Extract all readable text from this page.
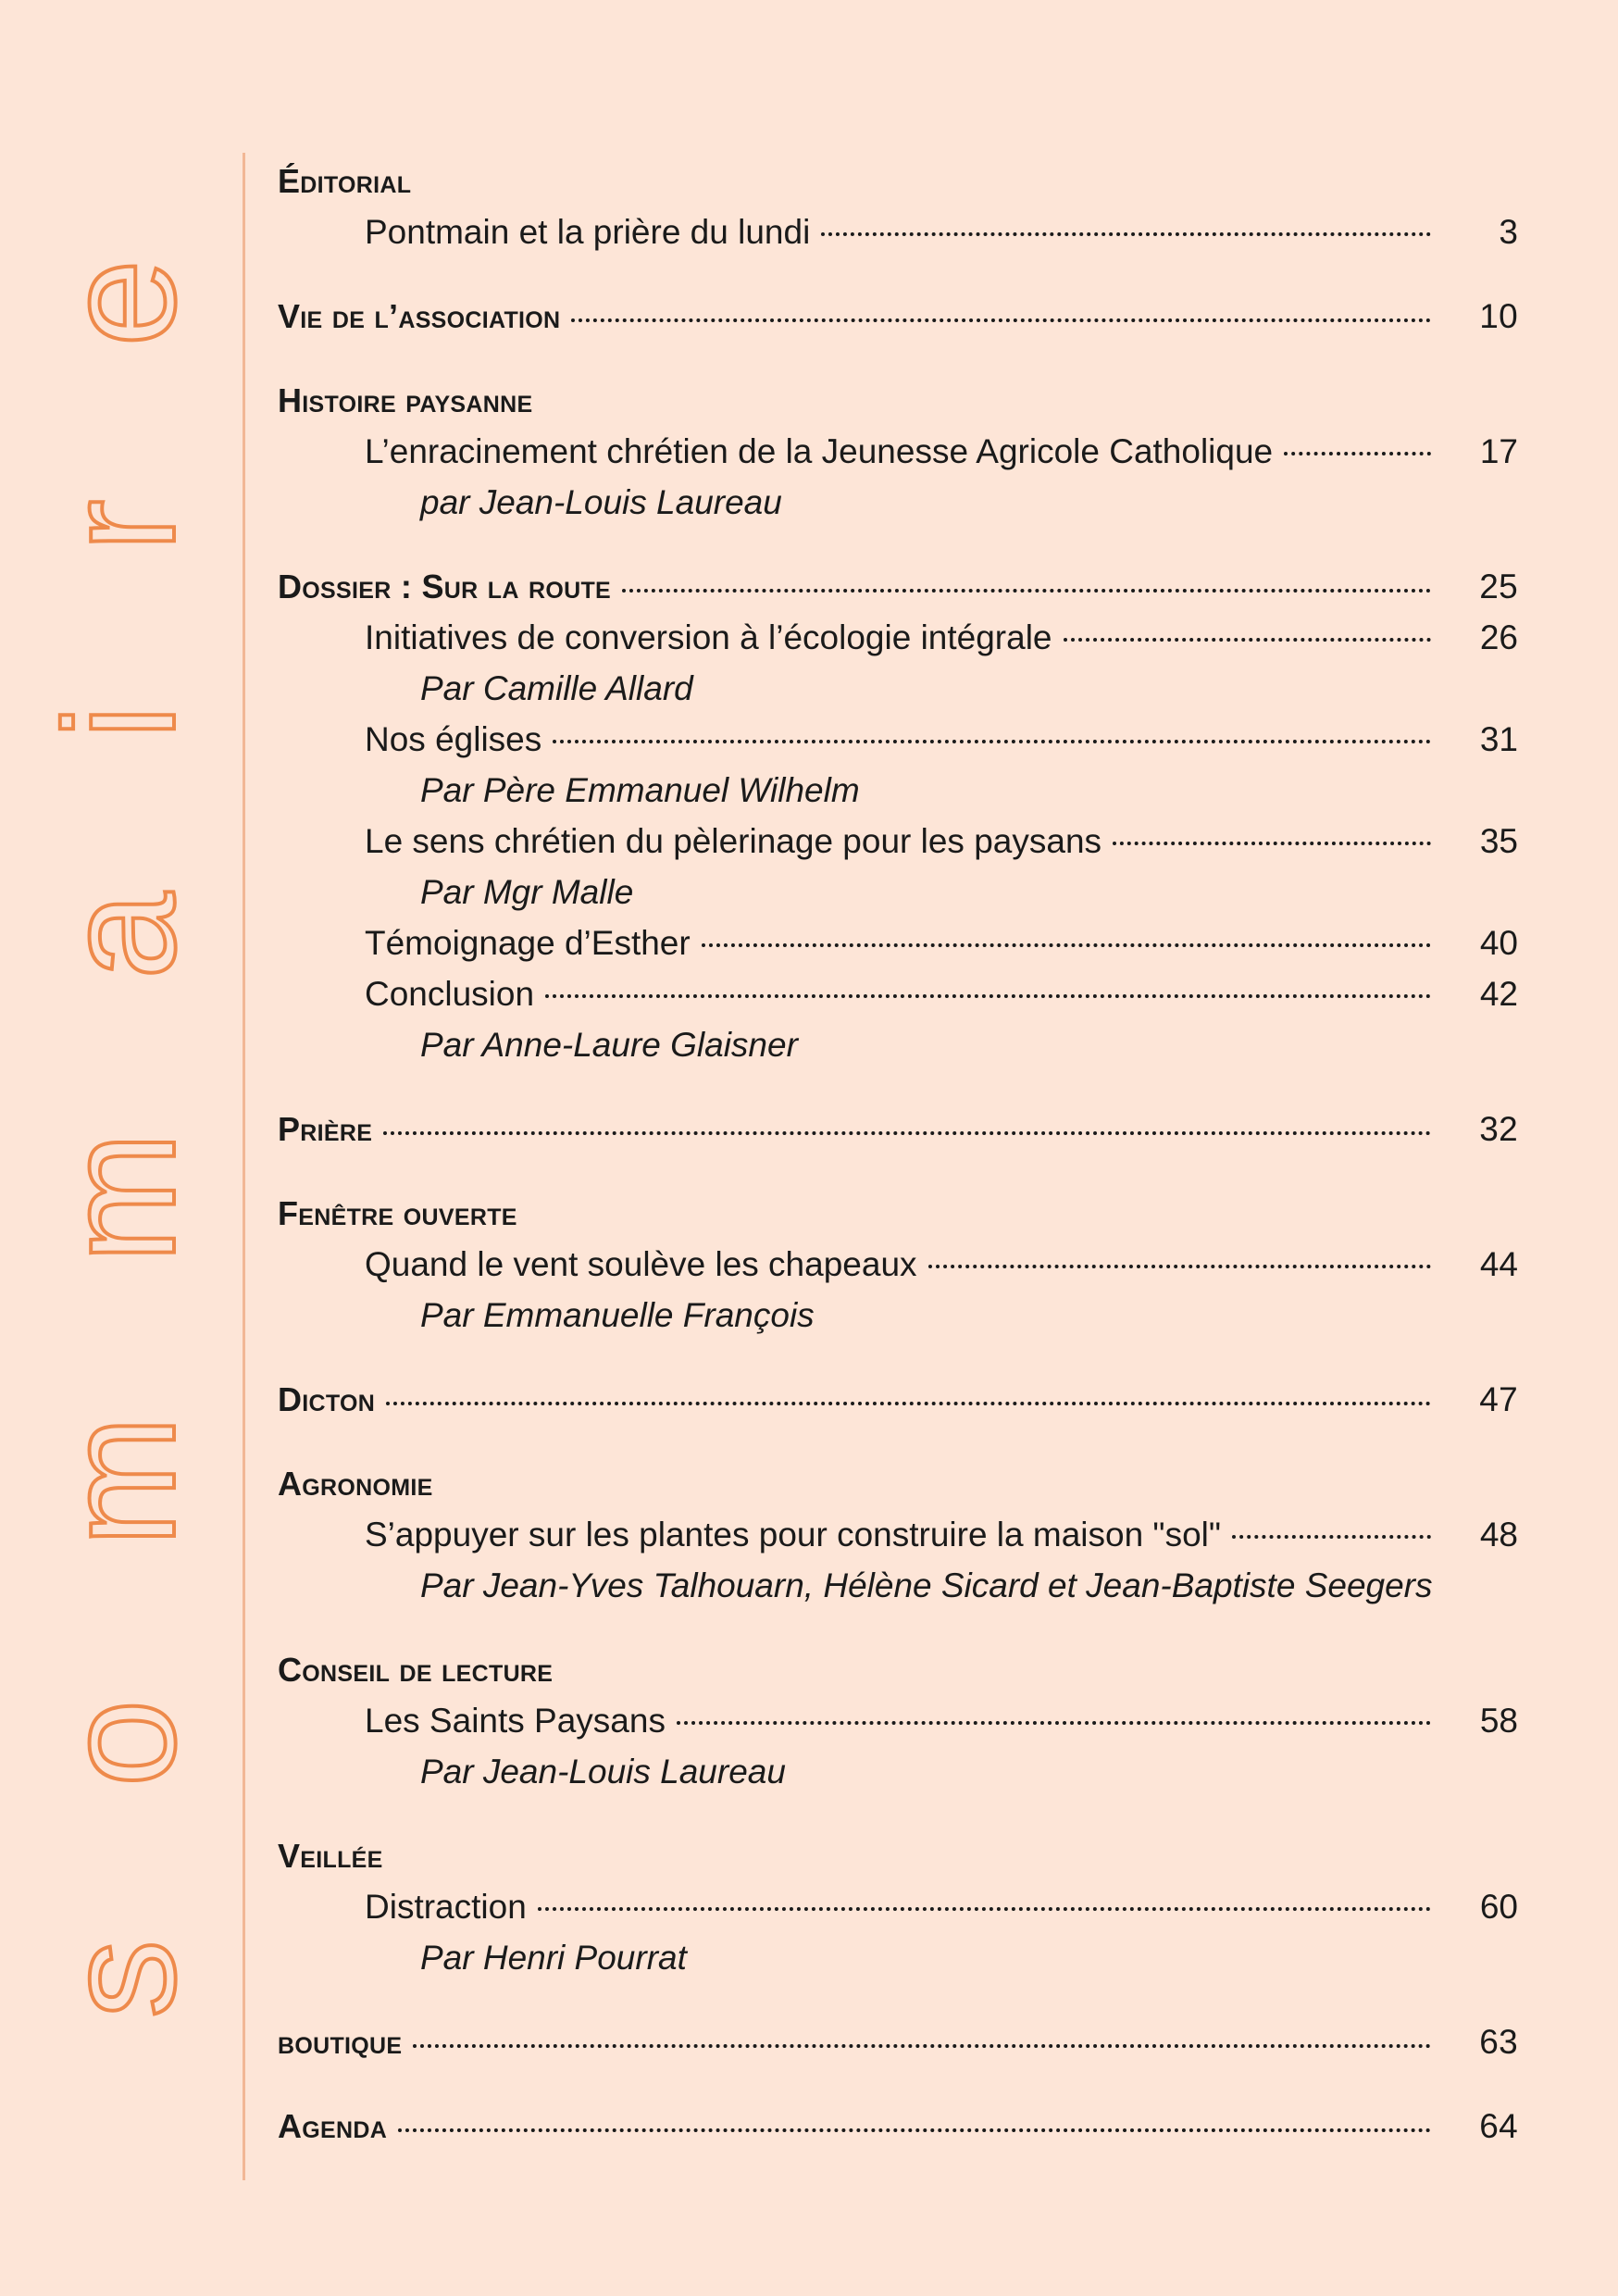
sommaire
Éditorial
Pontmain et la prière du lundi	3
Vie de l’association	10
Histoire paysanne
L’enracinement chrétien de la Jeunesse Agricole Catholique	17
par Jean-Louis Laureau
Dossier : Sur la route	25
Initiatives de conversion à l’écologie intégrale	26
Par Camille Allard
Nos églises	31
Par Père Emmanuel Wilhelm
Le sens chrétien du pèlerinage pour les paysans	35
Par Mgr Malle
Témoignage d’Esther	40
Conclusion	42
Par Anne-Laure Glaisner
Prière	32
Fenêtre ouverte
Quand le vent soulève les chapeaux	44
Par Emmanuelle François
Dicton	47
Agronomie
S’appuyer sur les plantes pour construire la maison "sol"	48
Par Jean-Yves Talhouarn, Hélène Sicard et Jean-Baptiste Seegers
Conseil de lecture
Les Saints Paysans	58
Par Jean-Louis Laureau
Veillée
Distraction	60
Par Henri Pourrat
boutique	63
Agenda	64
